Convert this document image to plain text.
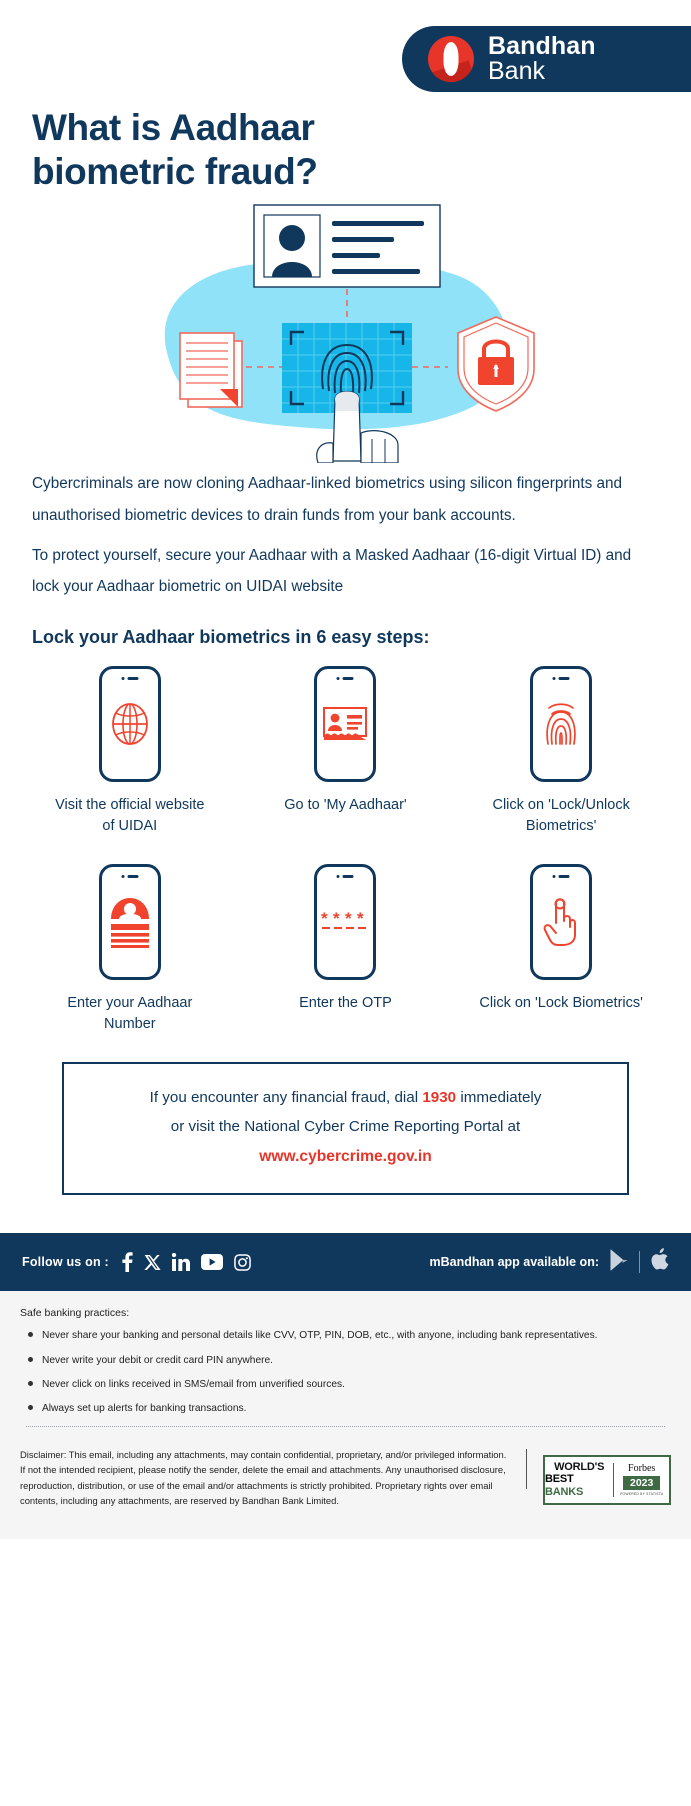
Bandhan
Bank
What is Aadhaar
biometric fraud?

Cybercriminals are now cloning Aadhaar-linked biometrics using silicon fingerprints and unauthorised biometric devices to drain funds from your bank accounts.

To protect yourself, secure your Aadhaar with a Masked Aadhaar (16-digit Virtual ID) and lock your Aadhaar biometric on UIDAI website

Lock your Aadhaar biometrics in 6 easy steps:
Visit the official website of UIDAI
Go to 'My Aadhaar'	Click on 'Lock/Unlock Biometrics'
Enter your Aadhaar Number
* * * *
Enter the OTP	Click on 'Lock Biometrics'

If you encounter any financial fraud, dial 1930 immediately

or visit the National Cyber Crime Reporting Portal at

www.cybercrime.gov.in

Follow us on :	mBandhan app available on:
Safe banking practices:
Never share your banking and personal details like CVV, OTP, PIN, DOB, etc., with anyone, including bank representatives.
Never write your debit or credit card PIN anywhere.
Never click on links received in SMS/email from unverified sources.
Always set up alerts for banking transactions.
Disclaimer: This email, including any attachments, may contain confidential, proprietary, and/or privileged information. If not the intended recipient, please notify the sender, delete the email and attachments. Any unauthorised disclosure, reproduction, distribution, or use of the email and/or attachments is strictly prohibited. Proprietary rights over email contents, including any attachments, are reserved by Bandhan Bank Limited.
WORLD'S
BEST BANKS
Forbes
2023
POWERED BY STATISTA
